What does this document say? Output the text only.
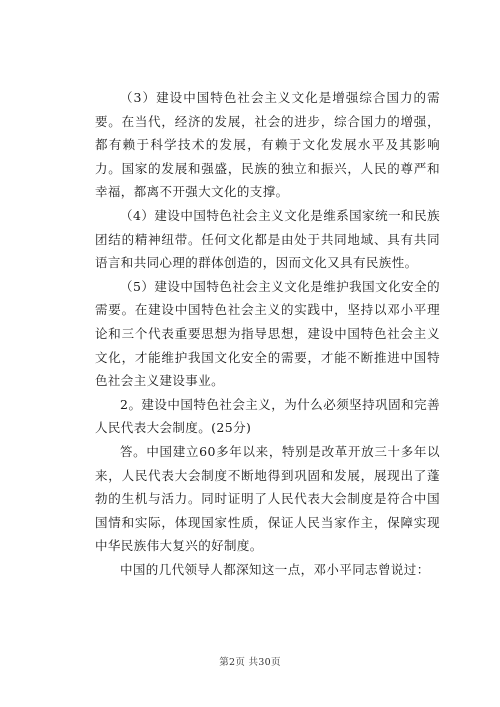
（3）建设中国特色社会主义文化是增强综合国力的需要。在当代，经济的发展，社会的进步，综合国力的增强，都有赖于科学技术的发展，有赖于文化发展水平及其影响力。国家的发展和强盛，民族的独立和振兴，人民的尊严和幸福，都离不开强大文化的支撑。

（4）建设中国特色社会主义文化是维系国家统一和民族团结的精神纽带。任何文化都是由处于共同地域、具有共同语言和共同心理的群体创造的，因而文化又具有民族性。

（5）建设中国特色社会主义文化是维护我国文化安全的需要。在建设中国特色社会主义的实践中，坚持以邓小平理论和三个代表重要思想为指导思想，建设中国特色社会主义文化，才能维护我国文化安全的需要，才能不断推进中国特色社会主义建设事业。

2。建设中国特色社会主义，为什么必须坚持巩固和完善人民代表大会制度。(25分)

答。中国建立60多年以来，特别是改革开放三十多年以来，人民代表大会制度不断地得到巩固和发展，展现出了蓬勃的生机与活力。同时证明了人民代表大会制度是符合中国国情和实际，体现国家性质，保证人民当家作主，保障实现中华民族伟大复兴的好制度。

中国的几代领导人都深知这一点，邓小平同志曾说过：

第2页 共30页
